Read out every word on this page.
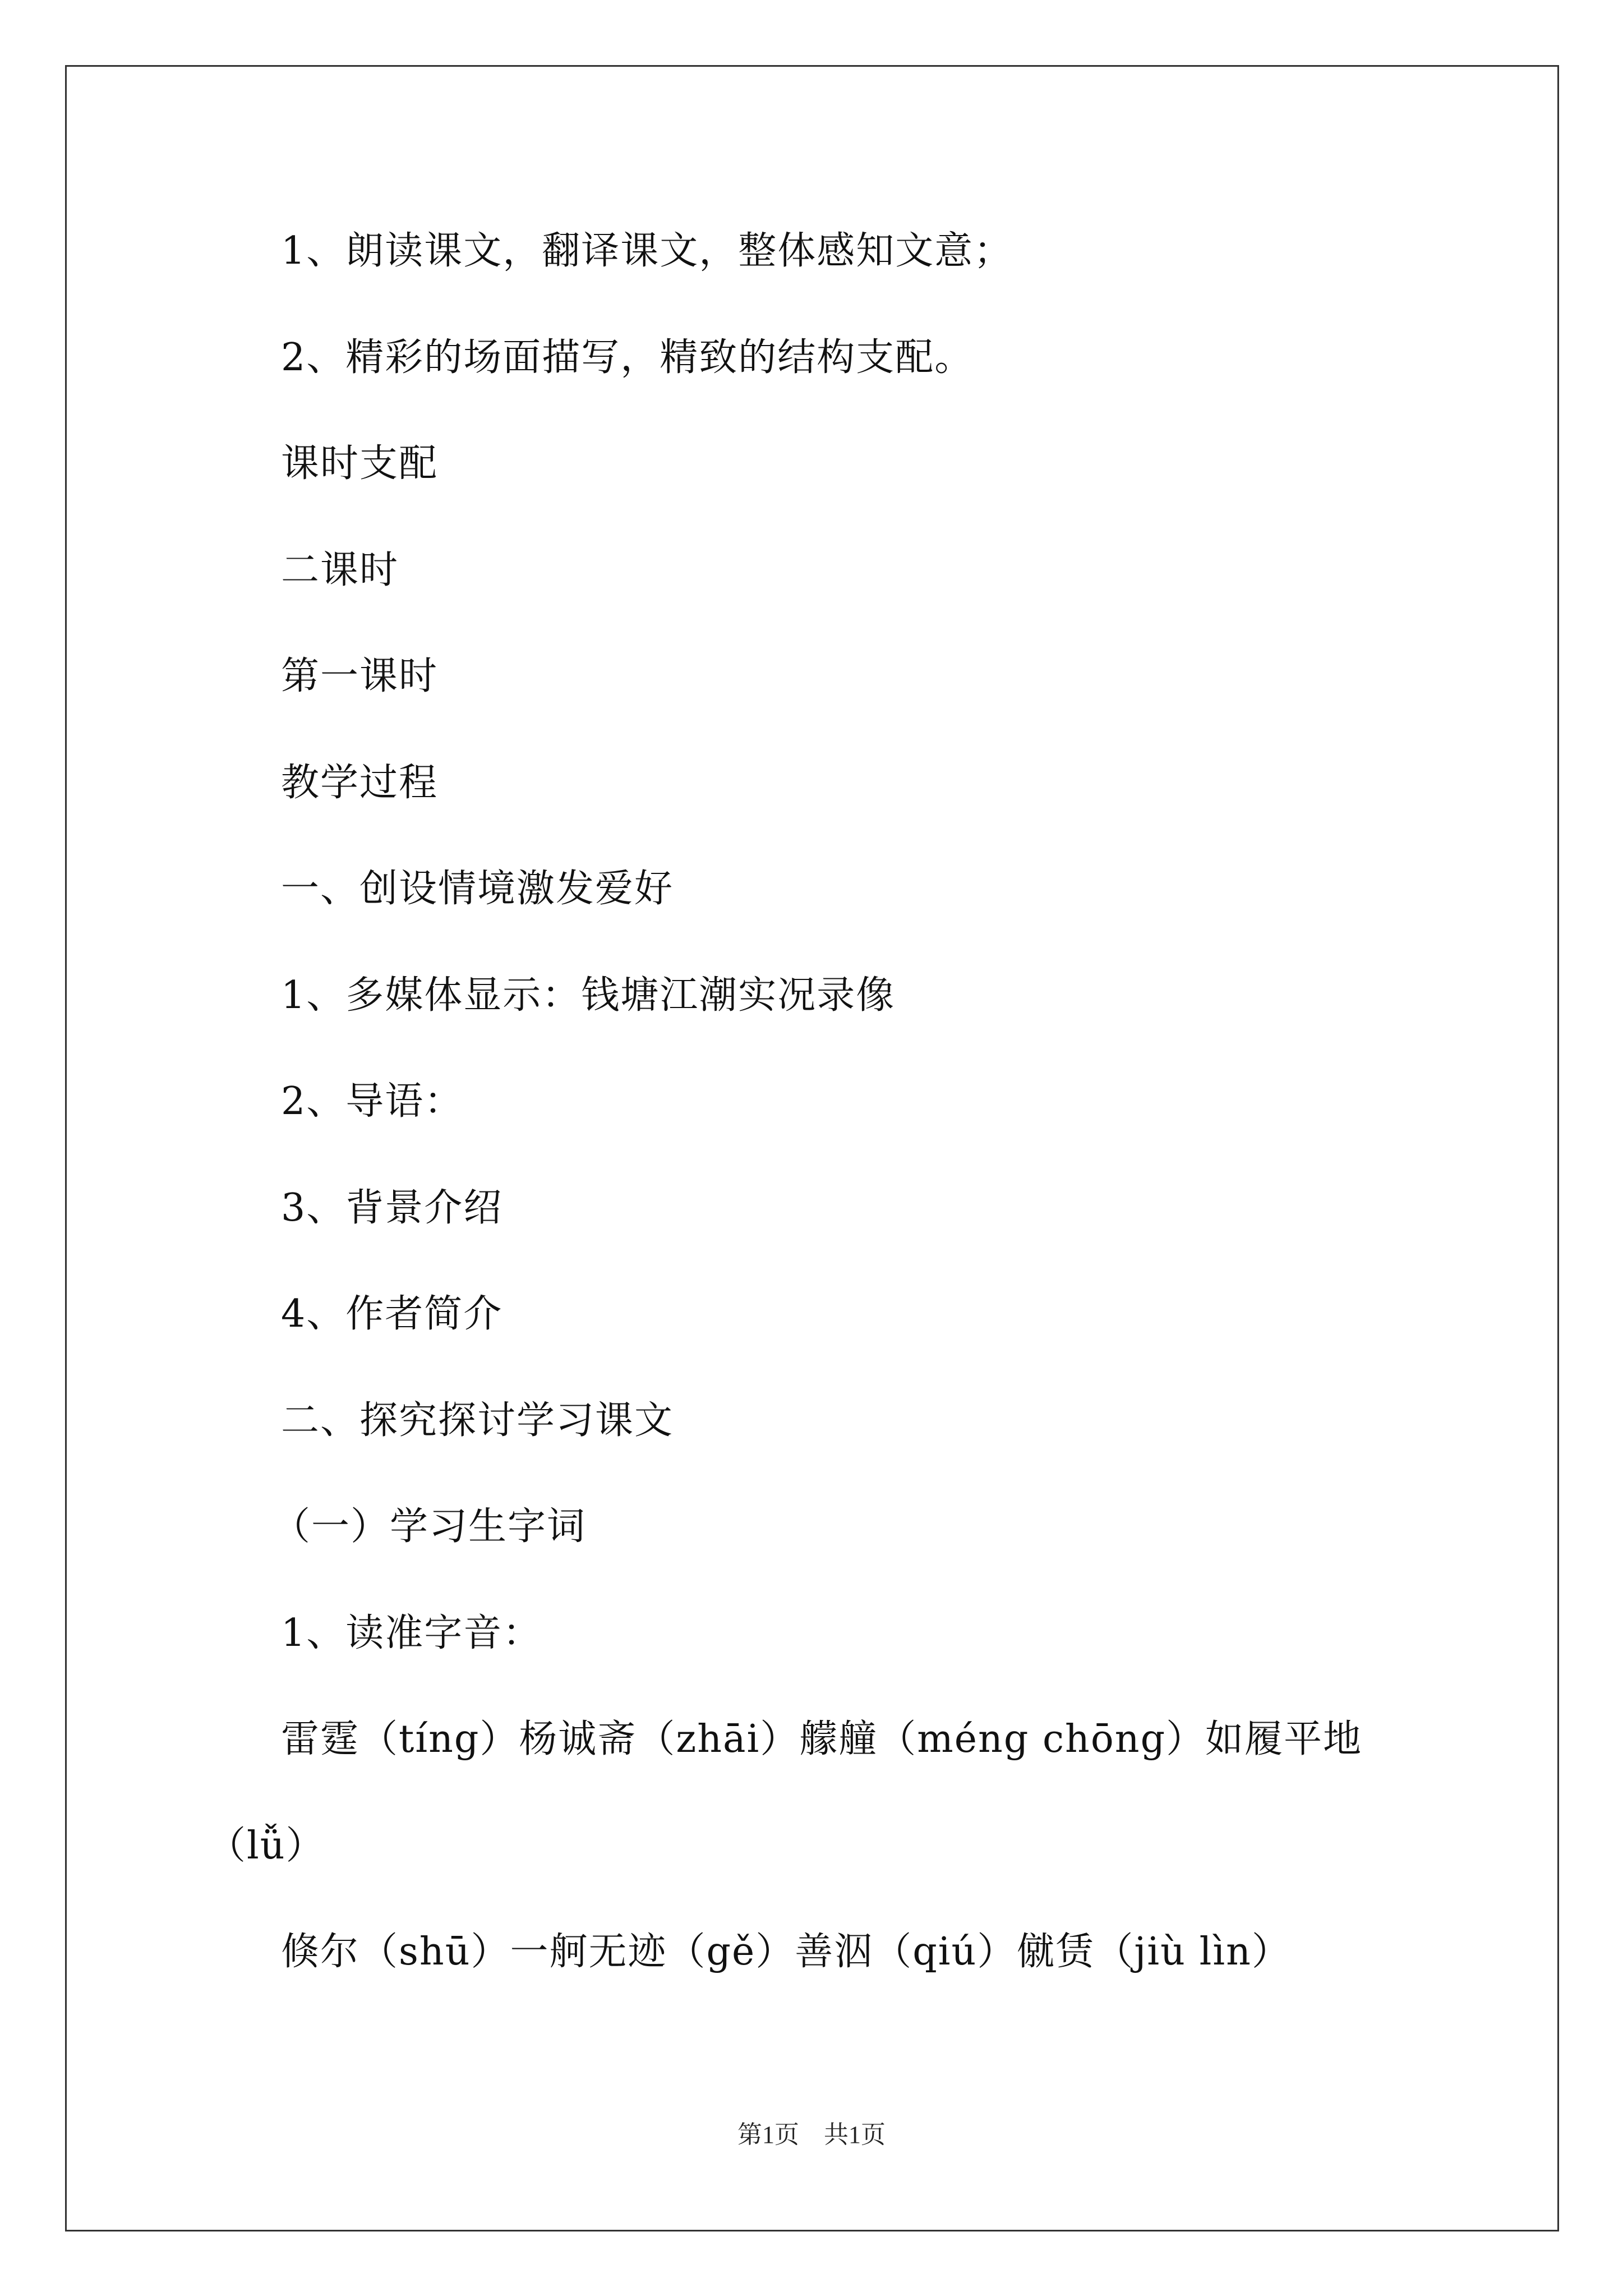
1、朗读课文，翻译课文，整体感知文意；
2、精彩的场面描写，精致的结构支配。
课时支配
二课时
第一课时
教学过程
一、创设情境激发爱好
1、多媒体显示：钱塘江潮实况录像
2、导语：
3、背景介绍
4、作者简介
二、探究探讨学习课文
（一）学习生字词
1、读准字音：
雷霆（tíng）杨诚斋（zhāi）艨艟（méng chōng）如履平地
（lǚ）
倏尔（shū）一舸无迹（gě）善泅（qiú）僦赁（jiù lìn）
第1页　共1页
